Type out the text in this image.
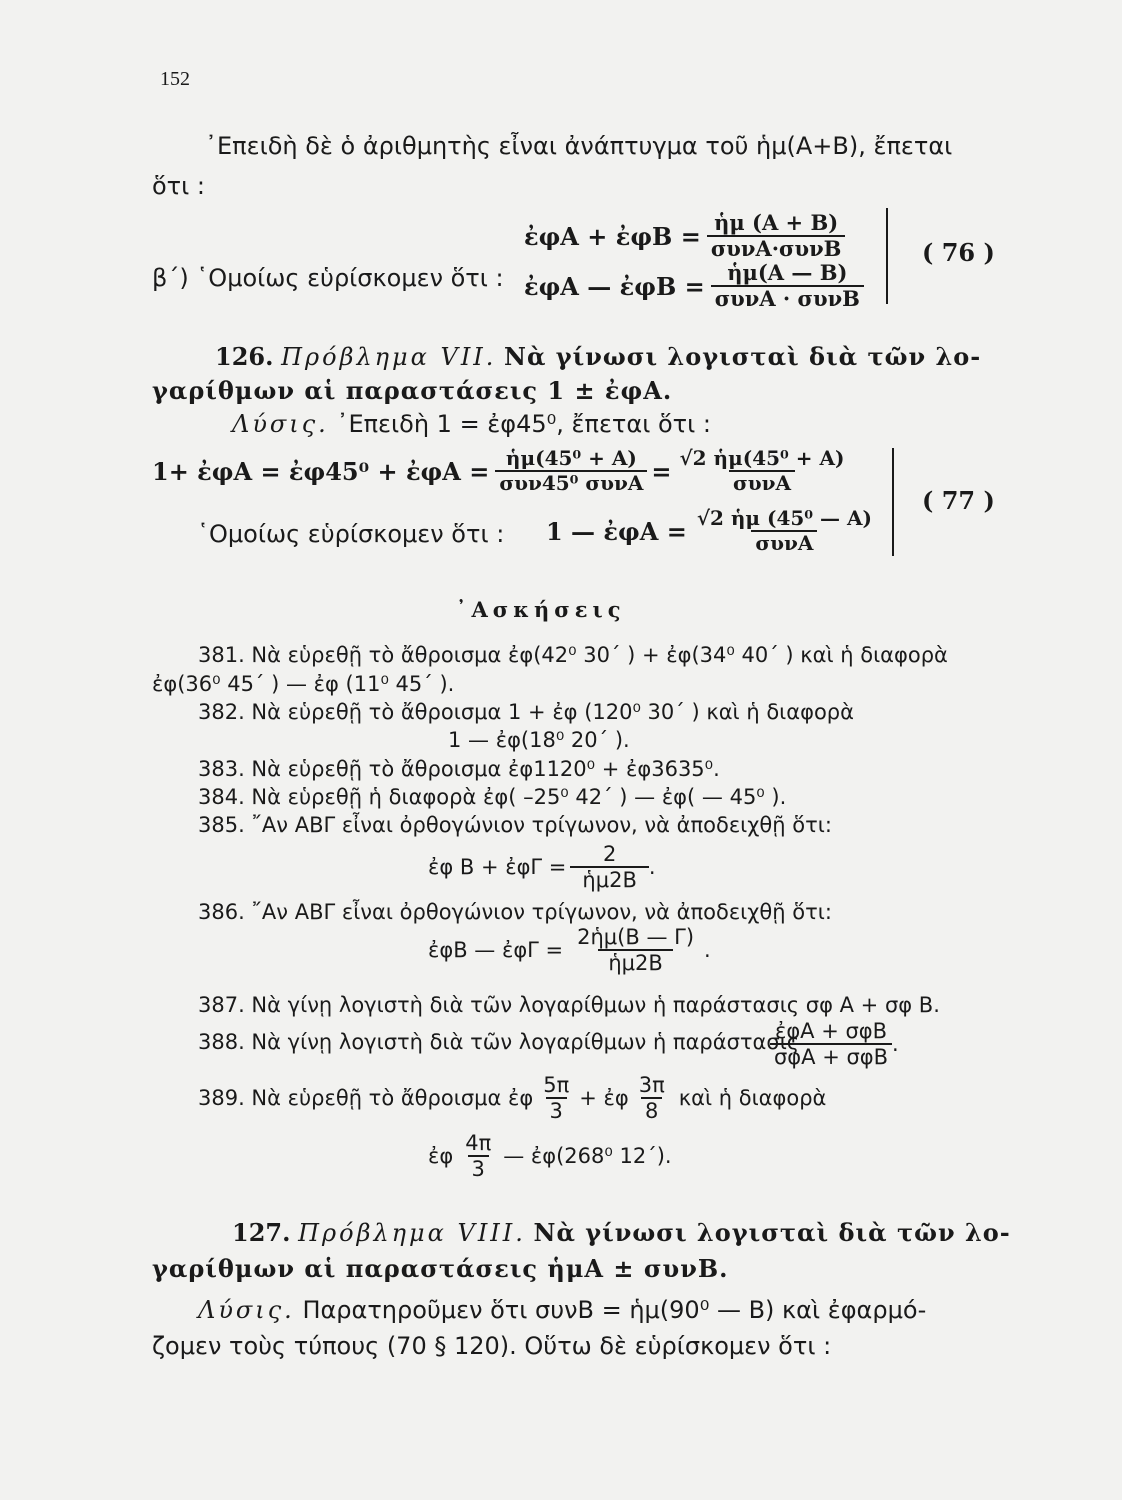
152
᾿Επειδὴ δὲ ὁ ἀριθμητὴς εἶναι ἀνάπτυγμα τοῦ ἡμ(Α+Β), ἔπεται
ὅτι :
ἐφΑ + ἐφΒ = $\frac{\text{ἡμ (Α + Β)}}{\text{συνΑ·συνΒ}}$
β΄) ῾Ομοίως εὑρίσκομεν ὅτι : ἐφΑ — ἐφΒ = $\frac{\text{ἡμ(Α — Β)}}{\text{συνΑ · συνΒ}}$
( 76 )
126. Πρόβλημα VII. Νὰ γίνωσι λογισταὶ διὰ τῶν λο-
γαρίθμων αἱ παραστάσεις 1 ± ἐφΑ.
Λύσις. ᾿Επειδὴ 1 = ἐφ45⁰, ἔπεται ὅτι :
1+ ἐφΑ = ἐφ45⁰ + ἐφΑ = $\frac{\text{ἡμ(45⁰ + Α)}}{\text{συν45⁰ συνΑ}} = \frac{\text{√2 ἡμ(45⁰ + Α)}}{\text{συνΑ}}$
῾Ομοίως εὑρίσκομεν ὅτι : 1 — ἐφΑ = $\frac{\text{√2 ἡμ (45⁰ — Α)}}{\text{συνΑ}}$
( 77 )
᾿Ασκήσεις
381. Νὰ εὑρεθῇ τὸ ἄθροισμα ἐφ(42⁰ 30΄ ) + ἐφ(34⁰ 40΄ ) καὶ ἡ διαφορὰ
ἐφ(36⁰ 45΄ ) — ἐφ (11⁰ 45΄ ).
382. Νὰ εὑρεθῇ τὸ ἄθροισμα 1 + ἐφ (120⁰ 30΄ ) καὶ ἡ διαφορὰ
1 — ἐφ(18⁰ 20΄ ).
383. Νὰ εὑρεθῇ τὸ ἄθροισμα ἐφ1120⁰ + ἐφ3635⁰.
384. Νὰ εὑρεθῇ ἡ διαφορὰ ἐφ( –25⁰ 42΄ ) — ἐφ( — 45⁰ ).
385. ῎Αν ΑΒΓ εἶναι ὀρθογώνιον τρίγωνον, νὰ ἀποδειχθῇ ὅτι:
ἐφ Β + ἐφΓ = $\frac{2}{\text{ἡμ2Β}}$ .
386. ῎Αν ΑΒΓ εἶναι ὀρθογώνιον τρίγωνον, νὰ ἀποδειχθῇ ὅτι:
ἐφΒ — ἐφΓ = $\frac{\text{2ἡμ(Β — Γ)}}{\text{ἡμ2Β}}$ .
387. Νὰ γίνῃ λογιστὴ διὰ τῶν λογαρίθμων ἡ παράστασις σφ Α + σφ Β.
388. Νὰ γίνῃ λογιστὴ διὰ τῶν λογαρίθμων ἡ παράστασις
$\frac{\text{ἐφΑ + σφΒ}}{\text{σφΑ + σφΒ}}$ .
389. Νὰ εὑρεθῇ τὸ ἄθροισμα ἐφ $\frac{5\pi}{3}$ + ἐφ $\frac{3\pi}{8}$ καὶ ἡ διαφορὰ
ἐφ $\frac{4\pi}{3}$ — ἐφ(268⁰ 12΄).
127. Πρόβλημα VIII. Νὰ γίνωσι λογισταὶ διὰ τῶν λο-
γαρίθμων αἱ παραστάσεις ἡμΑ ± συνΒ.
Λύσις. Παρατηροῦμεν ὅτι συνΒ = ἡμ(90⁰ — Β) καὶ ἐφαρμό-
ζομεν τοὺς τύπους (70 § 120). Οὕτω δὲ εὑρίσκομεν ὅτι :
